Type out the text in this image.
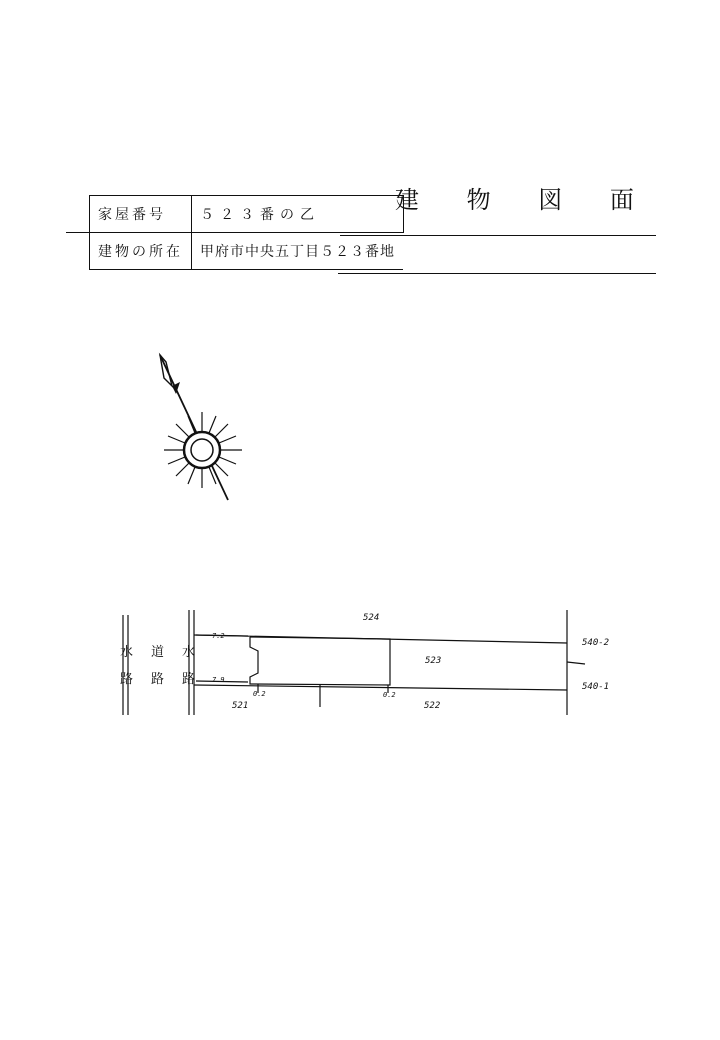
建 物 図 面
家屋番号	５２３番の乙
建物の所在	甲府市中央五丁目５２３番地
水道水
路路路
524
523
540-2
540-1
521	522
7.2
7.9
0.2	0.2
